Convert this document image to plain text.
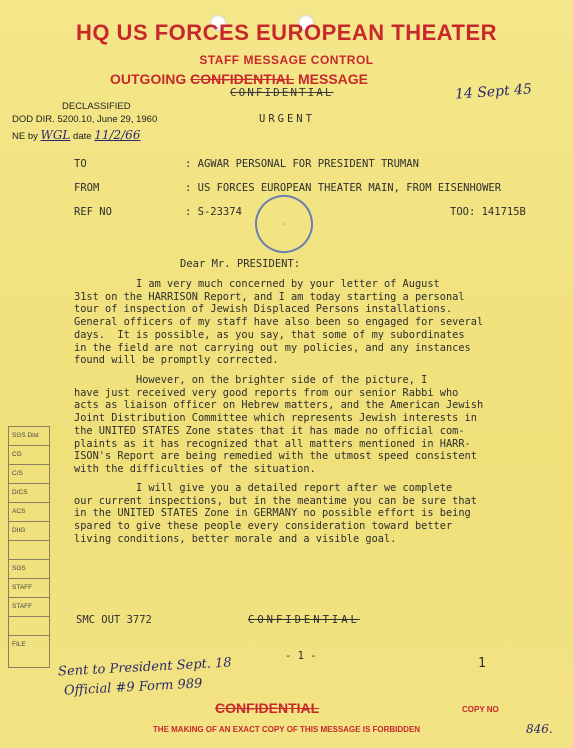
HQ US FORCES EUROPEAN THEATER
STAFF MESSAGE CONTROL
OUTGOING CONFIDENTIAL MESSAGE
CONFIDENTIAL
URGENT
DECLASSIFIED
DOD DIR. 5200.10, June 29, 1960
NE by WGL date 11/2/66
14 Sept 45
TO	: AGWAR PERSONAL FOR PRESIDENT TRUMAN
FROM	: US FORCES EUROPEAN THEATER MAIN, FROM EISENHOWER
REF NO	: S-23374	TOO: 141715B
○
Dear Mr. PRESIDENT:
I am very much concerned by your letter of August
31st on the HARRISON Report, and I am today starting a personal
tour of inspection of Jewish Displaced Persons installations.
General officers of my staff have also been so engaged for several
days.  It is possible, as you say, that some of my subordinates
in the field are not carrying out my policies, and any instances
found will be promptly corrected.
However, on the brighter side of the picture, I
have just received very good reports from our senior Rabbi who
acts as liaison officer on Hebrew matters, and the American Jewish
Joint Distribution Committee which represents Jewish interests in
the UNITED STATES Zone states that it has made no official com-
plaints as it has recognized that all matters mentioned in HARR-
ISON's Report are being remedied with the utmost speed consistent
with the difficulties of the situation.
I will give you a detailed report after we complete
our current inspections, but in the meantime you can be sure that
in the UNITED STATES Zone in GERMANY no possible effort is being
spared to give these people every consideration toward better
living conditions, better morale and a visible goal.
SGS Dist
CG
C/S
D/CS
ACS
DIIG
SGS
STAFF
STAFF
FILE
SMC OUT 3772	CONFIDENTIAL
- 1 -	1
Sent to President Sept. 18
Official #9 Form 989
CONFIDENTIAL	COPY NO
THE MAKING OF AN EXACT COPY OF THIS MESSAGE IS FORBIDDEN	846.
